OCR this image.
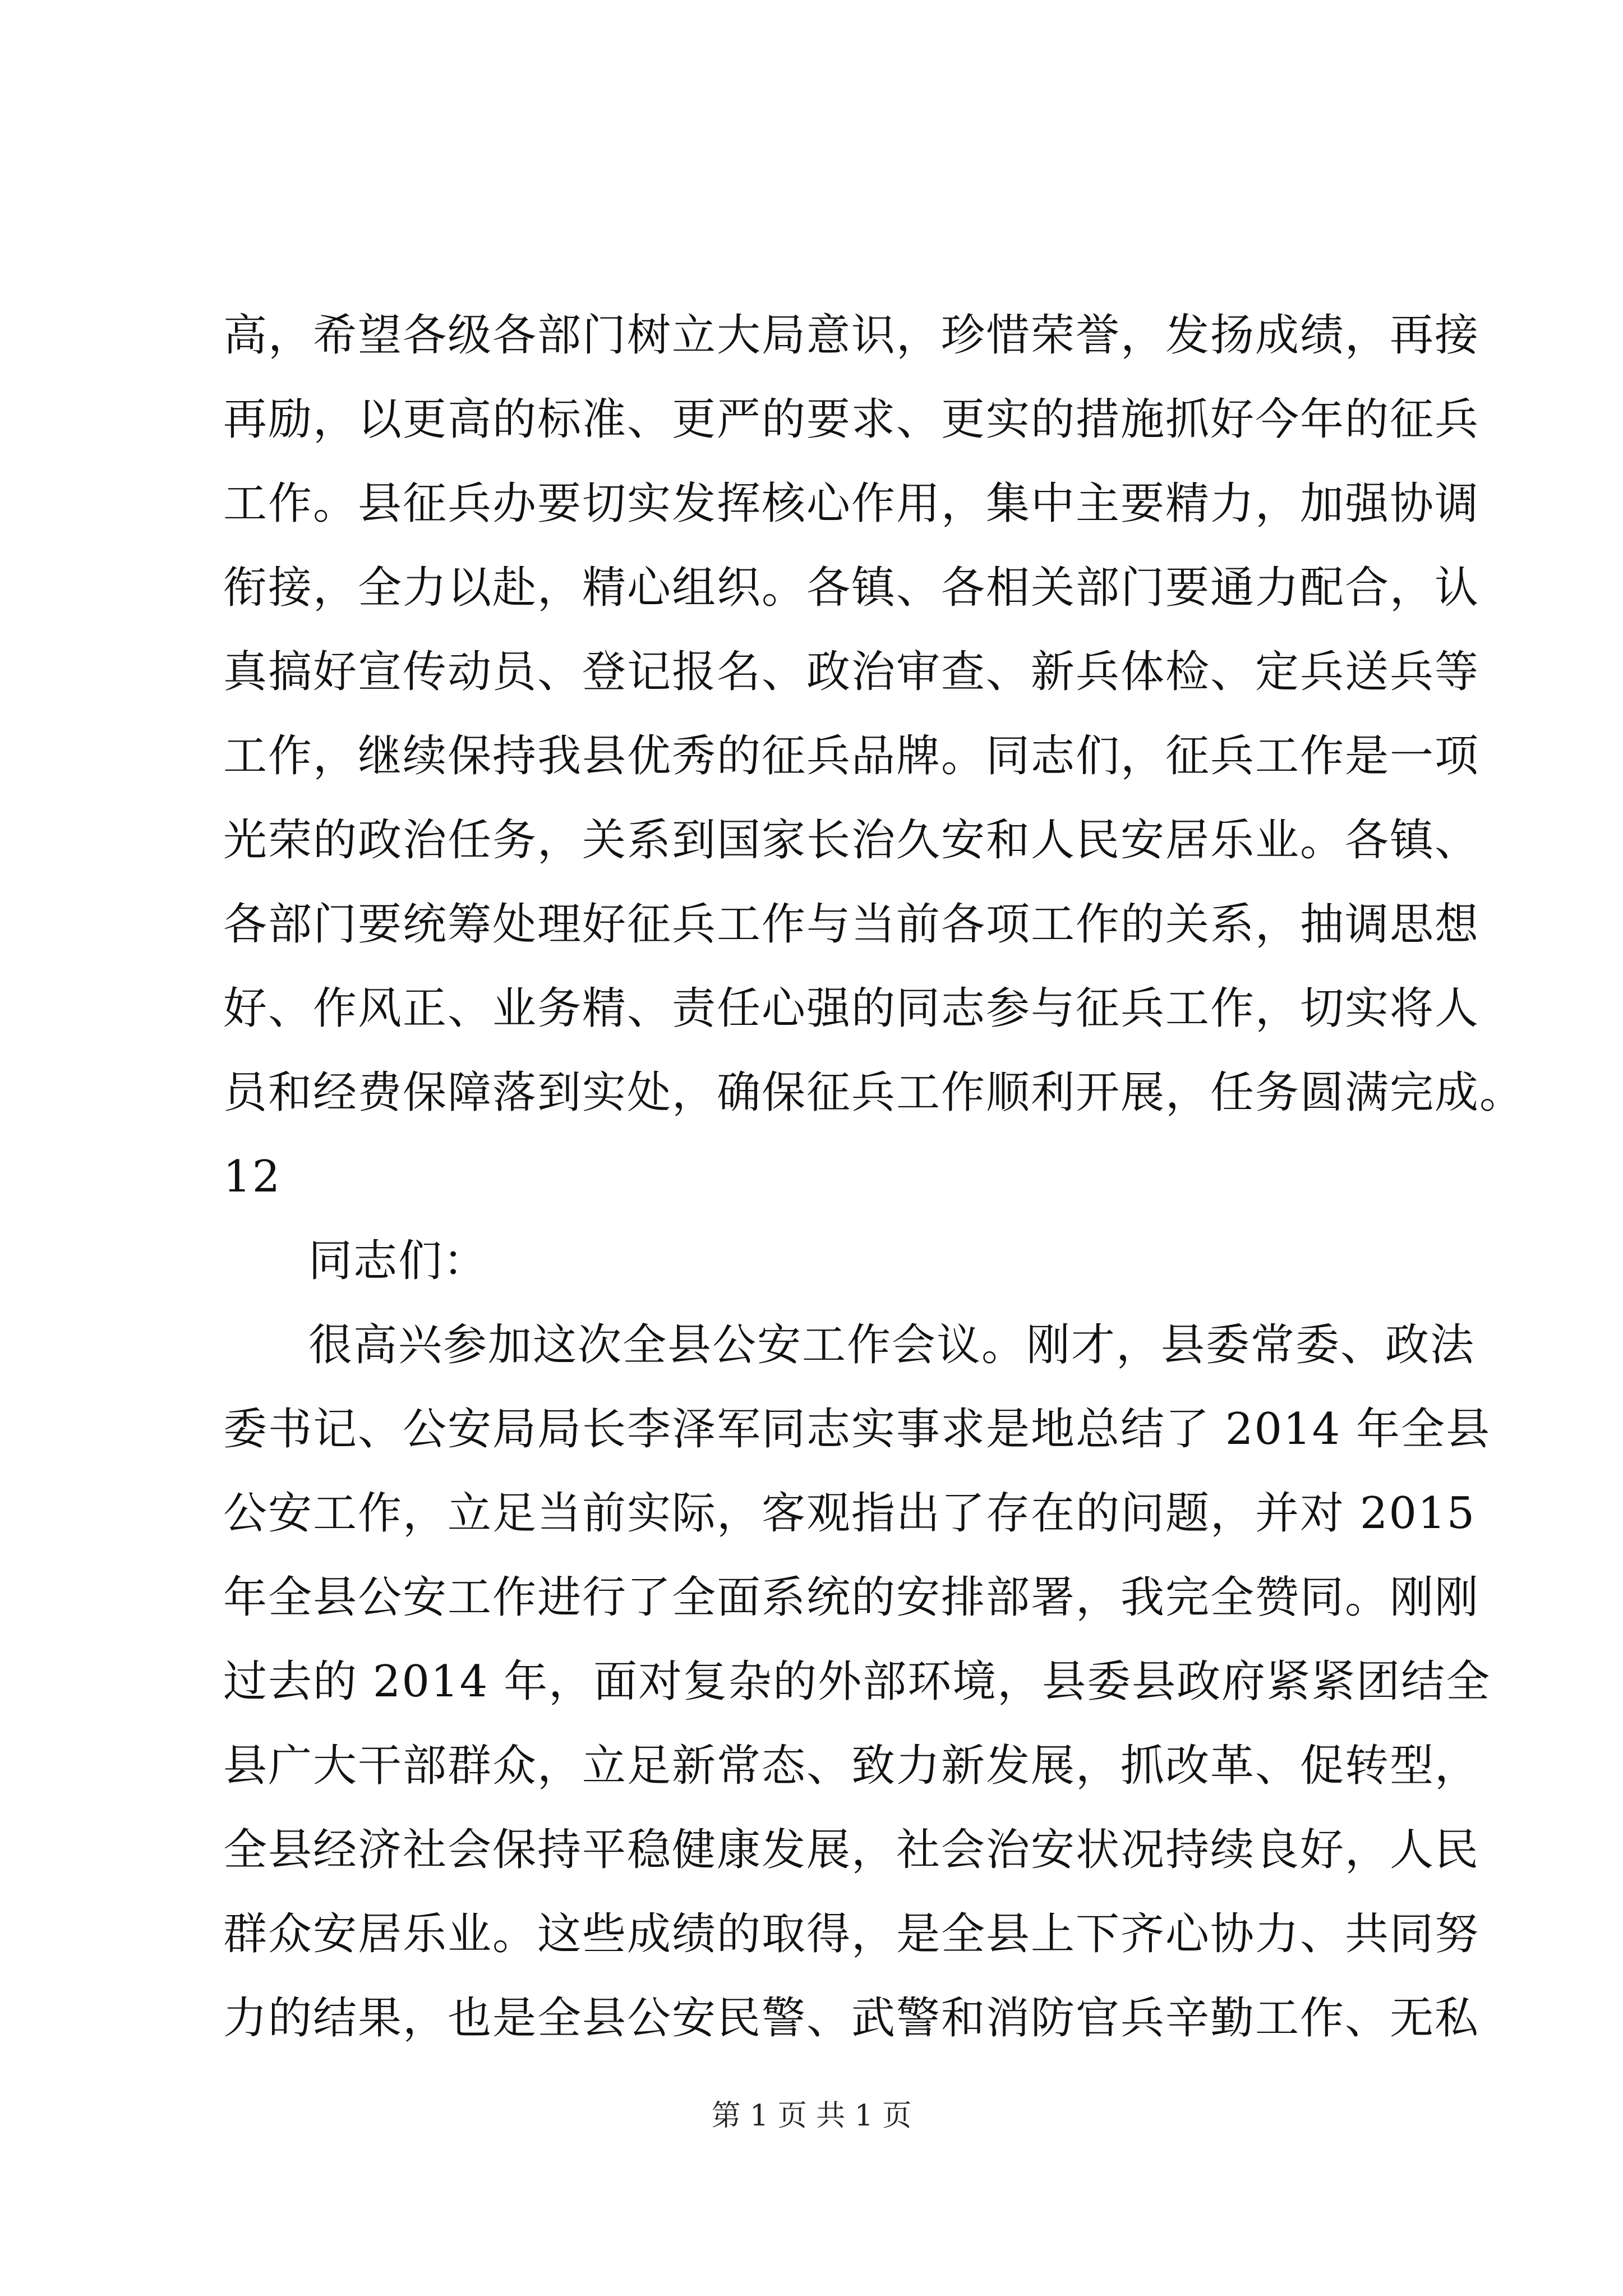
高，希望各级各部门树立大局意识，珍惜荣誉，发扬成绩，再接

再励，以更高的标准、更严的要求、更实的措施抓好今年的征兵

工作。县征兵办要切实发挥核心作用，集中主要精力，加强协调

衔接，全力以赴，精心组织。各镇、各相关部门要通力配合，认

真搞好宣传动员、登记报名、政治审查、新兵体检、定兵送兵等

工作，继续保持我县优秀的征兵品牌。同志们，征兵工作是一项

光荣的政治任务，关系到国家长治久安和人民安居乐业。各镇、

各部门要统筹处理好征兵工作与当前各项工作的关系，抽调思想

好、作风正、业务精、责任心强的同志参与征兵工作，切实将人

员和经费保障落到实处，确保征兵工作顺利开展，任务圆满完成。

12

同志们：

很高兴参加这次全县公安工作会议。刚才，县委常委、政法

委书记、公安局局长李泽军同志实事求是地总结了 2014 年全县

公安工作，立足当前实际，客观指出了存在的问题，并对 2015

年全县公安工作进行了全面系统的安排部署，我完全赞同。刚刚

过去的 2014 年，面对复杂的外部环境，县委县政府紧紧团结全

县广大干部群众，立足新常态、致力新发展，抓改革、促转型，

全县经济社会保持平稳健康发展，社会治安状况持续良好，人民

群众安居乐业。这些成绩的取得，是全县上下齐心协力、共同努

力的结果，也是全县公安民警、武警和消防官兵辛勤工作、无私

第 1 页 共 1 页
